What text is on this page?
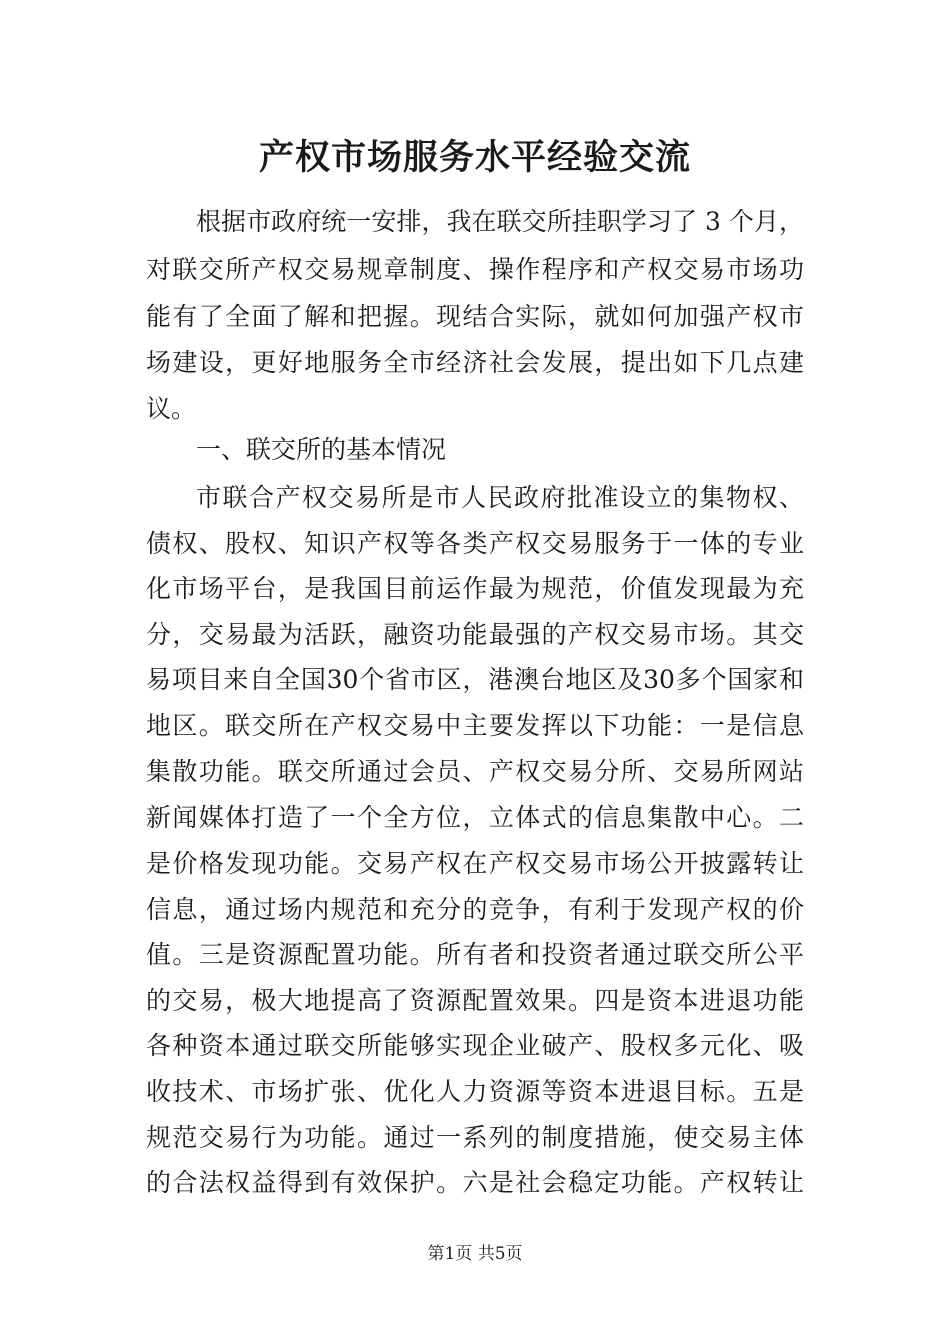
产权市场服务水平经验交流

根据市政府统一安排，我在联交所挂职学习了 3 个月，

对联交所产权交易规章制度、操作程序和产权交易市场功

能有了全面了解和把握。现结合实际，就如何加强产权市

场建设，更好地服务全市经济社会发展，提出如下几点建

议。

一、联交所的基本情况

市联合产权交易所是市人民政府批准设立的集物权、

债权、股权、知识产权等各类产权交易服务于一体的专业

化市场平台，是我国目前运作最为规范，价值发现最为充

分，交易最为活跃，融资功能最强的产权交易市场。其交

易项目来自全国30个省市区，港澳台地区及30多个国家和

地区。联交所在产权交易中主要发挥以下功能：一是信息

集散功能。联交所通过会员、产权交易分所、交易所网站

新闻媒体打造了一个全方位，立体式的信息集散中心。二

是价格发现功能。交易产权在产权交易市场公开披露转让

信息，通过场内规范和充分的竞争，有利于发现产权的价

值。三是资源配置功能。所有者和投资者通过联交所公平

的交易，极大地提高了资源配置效果。四是资本进退功能

各种资本通过联交所能够实现企业破产、股权多元化、吸

收技术、市场扩张、优化人力资源等资本进退目标。五是

规范交易行为功能。通过一系列的制度措施，使交易主体

的合法权益得到有效保护。六是社会稳定功能。产权转让

第1页 共5页
